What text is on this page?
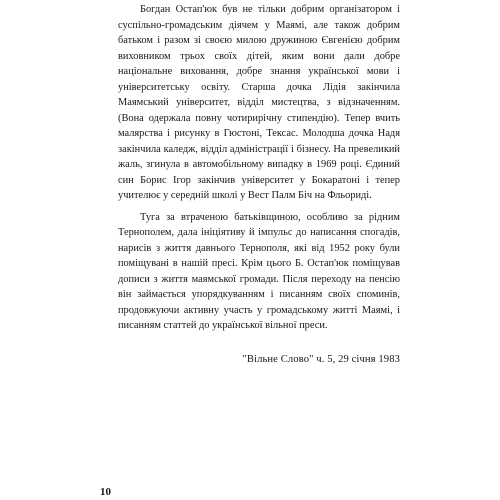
Богдан Остап'юк був не тільки добрим організатором і суспільно-громадським діячем у Маямі, але також добрим батьком і разом зі своєю милою дружиною Євгенією добрим виховником трьох своїх дітей, яким вони дали добре національне виховання, добре знання української мови і університетську освіту. Старша дочка Лідія закінчила Маямський університет, відділ мистецтва, з відзначенням. (Вона одержала повну чотирирічну стипендію). Тепер вчить малярства і рисунку в Гюстоні, Тексас. Молодша дочка Надя закінчила каледж, відділ адміністрації і бізнесу. На превеликий жаль, згинула в автомобільному випадку в 1969 році. Єдиний син Борис Ігор закінчив університет у Бокаратоні і тепер учителює у середній школі у Вест Палм Біч на Фльориді.

Туга за втраченою батьківщиною, особливо за рідним Тернополем, дала ініціятиву й імпульс до написання спогадів, нарисів з життя давнього Тернополя, які від 1952 року були поміщувані в нашій пресі. Крім цього Б. Остап'юк поміщував дописи з життя маямської громади. Після переходу на пенсію він займається упорядкуванням і писанням своїх споминів, продовжуючи активну участь у громадському житті Маямі, і писанням статтей до української вільної преси.

"Вільне Слово" ч. 5, 29 січня 1983

10
